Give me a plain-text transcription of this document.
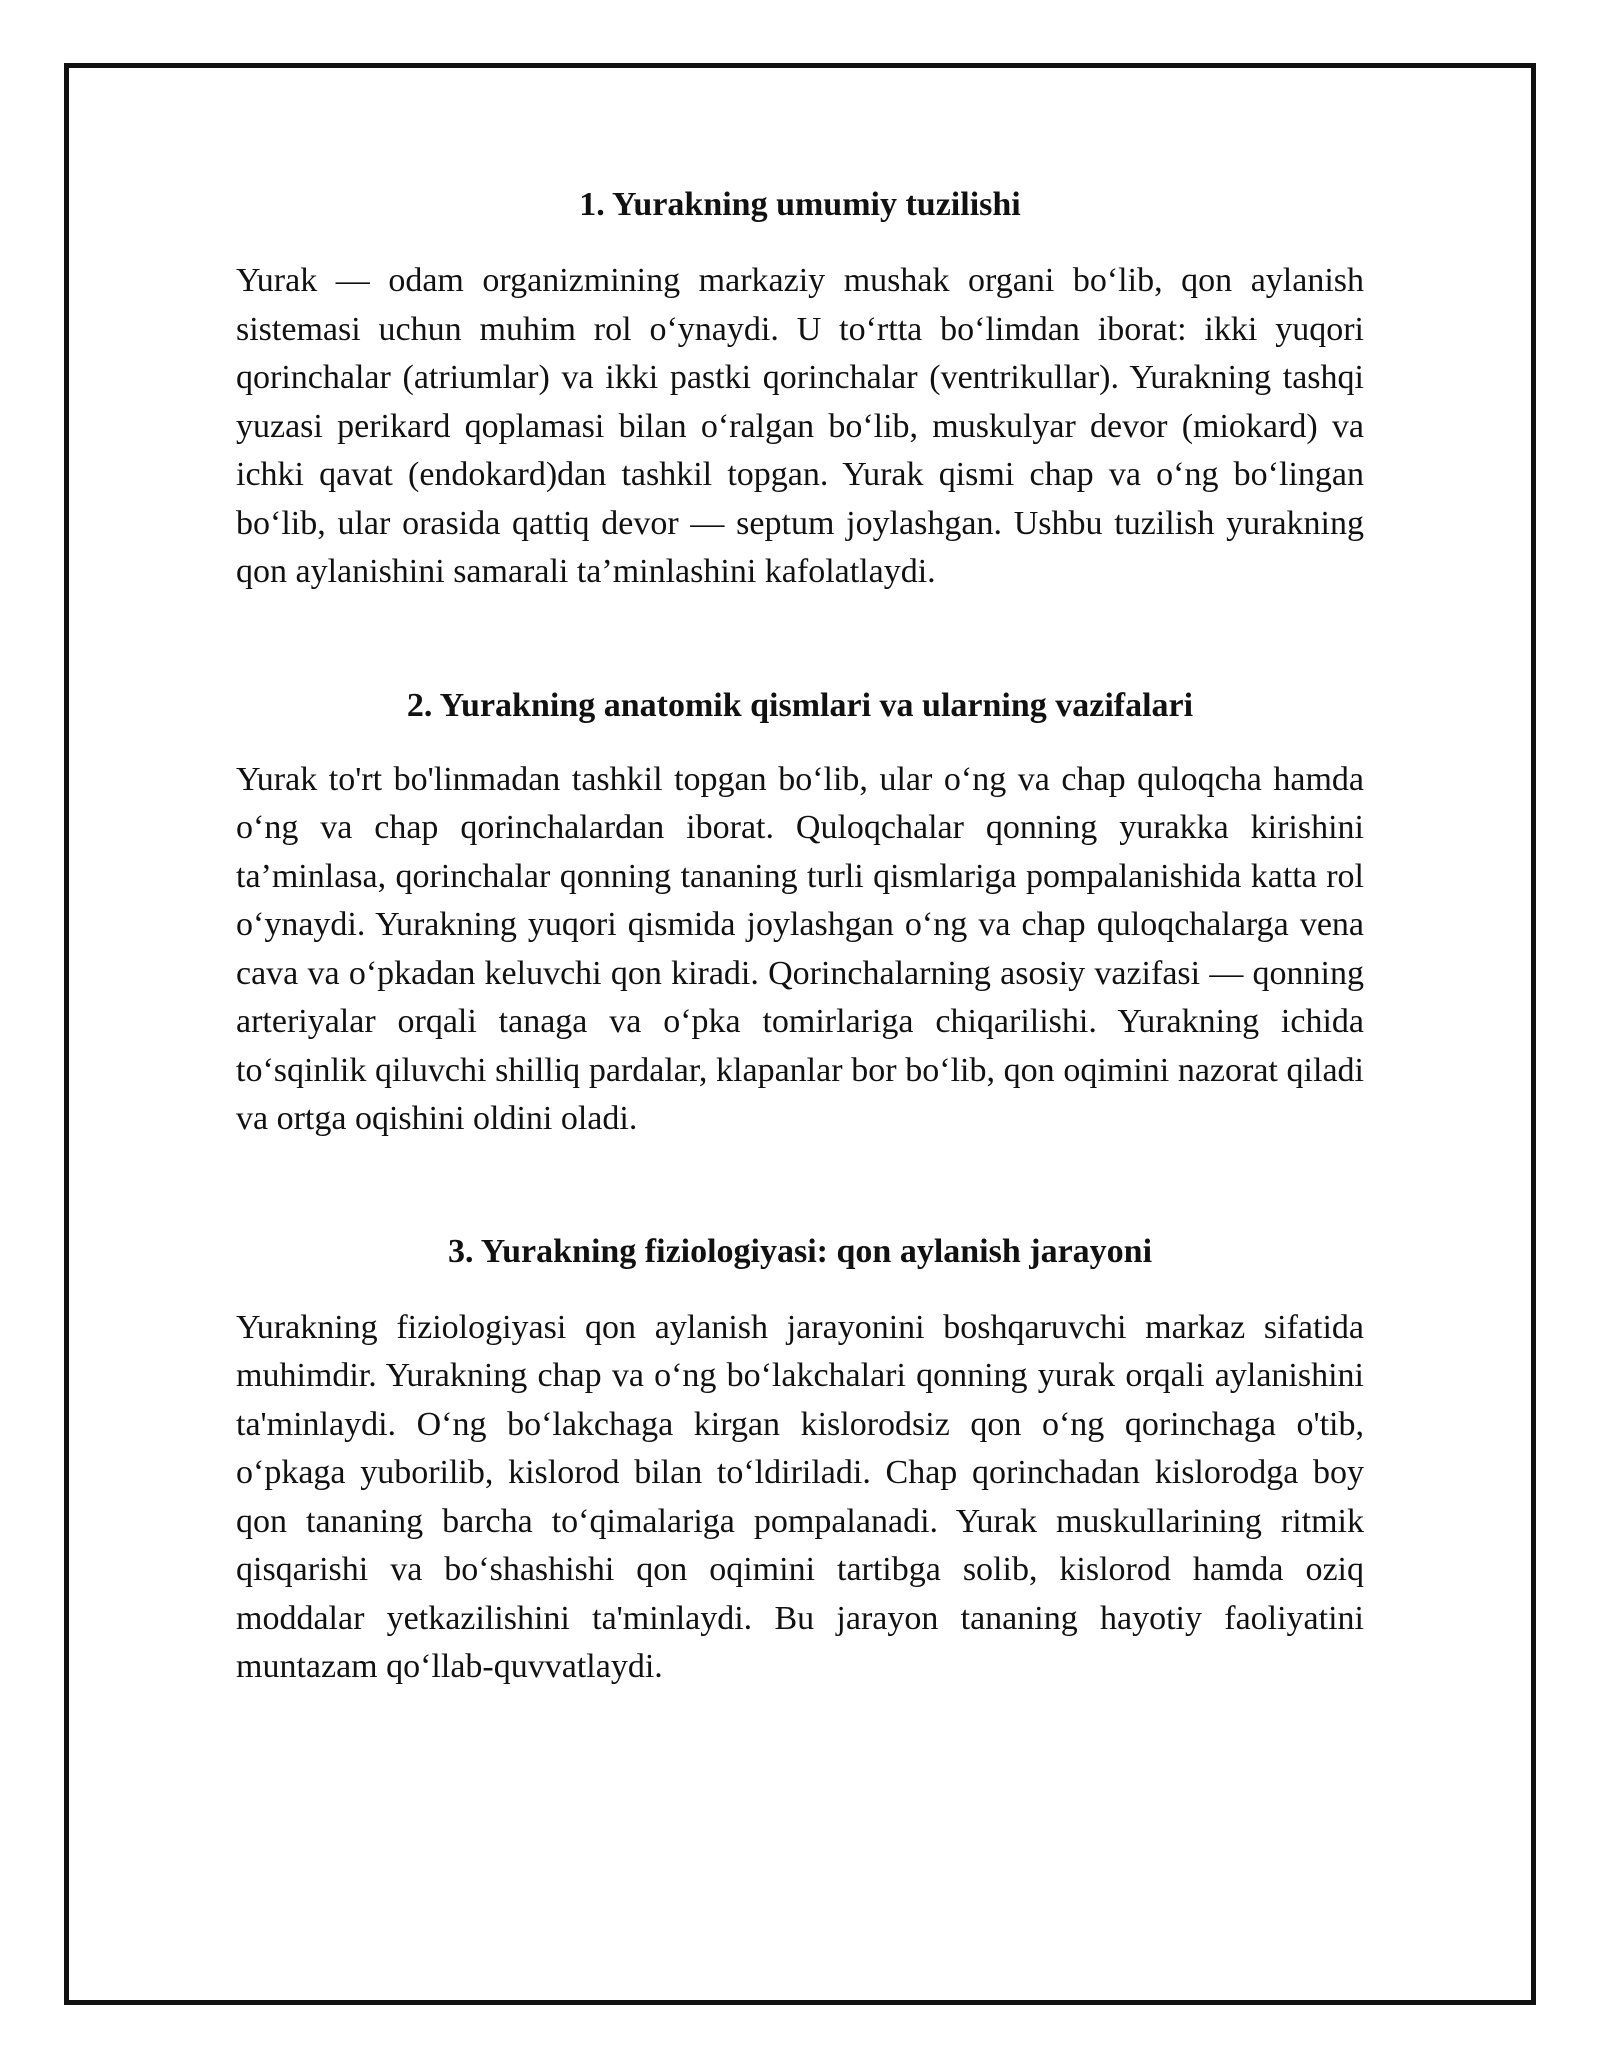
1. Yurakning umumiy tuzilishi

Yurak — odam organizmining markaziy mushak organi bo‘lib, qon aylanish sistemasi uchun muhim rol o‘ynaydi. U to‘rtta bo‘limdan iborat: ikki yuqori qorinchalar (atriumlar) va ikki pastki qorinchalar (ventrikullar). Yurakning tashqi yuzasi perikard qoplamasi bilan o‘ralgan bo‘lib, muskulyar devor (miokard) va ichki qavat (endokard)dan tashkil topgan. Yurak qismi chap va o‘ng bo‘lingan bo‘lib, ular orasida qattiq devor — septum joylashgan. Ushbu tuzilish yurakning qon aylanishini samarali ta’minlashini kafolatlaydi.

2. Yurakning anatomik qismlari va ularning vazifalari

Yurak to'rt bo'linmadan tashkil topgan bo‘lib, ular o‘ng va chap quloqcha hamda o‘ng va chap qorinchalardan iborat. Quloqchalar qonning yurakka kirishini ta’minlasa, qorinchalar qonning tananing turli qismlariga pompalanishida katta rol o‘ynaydi. Yurakning yuqori qismida joylashgan o‘ng va chap quloqchalarga vena cava va o‘pkadan keluvchi qon kiradi. Qorinchalarning asosiy vazifasi — qonning arteriyalar orqali tanaga va o‘pka tomirlariga chiqarilishi. Yurakning ichida to‘sqinlik qiluvchi shilliq pardalar, klapanlar bor bo‘lib, qon oqimini nazorat qiladi va ortga oqishini oldini oladi.

3. Yurakning fiziologiyasi: qon aylanish jarayoni

Yurakning fiziologiyasi qon aylanish jarayonini boshqaruvchi markaz sifatida muhimdir. Yurakning chap va o‘ng bo‘lakchalari qonning yurak orqali aylanishini ta'minlaydi. O‘ng bo‘lakchaga kirgan kislorodsiz qon o‘ng qorinchaga o'tib, o‘pkaga yuborilib, kislorod bilan to‘ldiriladi. Chap qorinchadan kislorodga boy qon tananing barcha to‘qimalariga pompalanadi. Yurak muskullarining ritmik qisqarishi va bo‘shashishi qon oqimini tartibga solib, kislorod hamda oziq moddalar yetkazilishini ta'minlaydi. Bu jarayon tananing hayotiy faoliyatini muntazam qo‘llab-quvvatlaydi.
